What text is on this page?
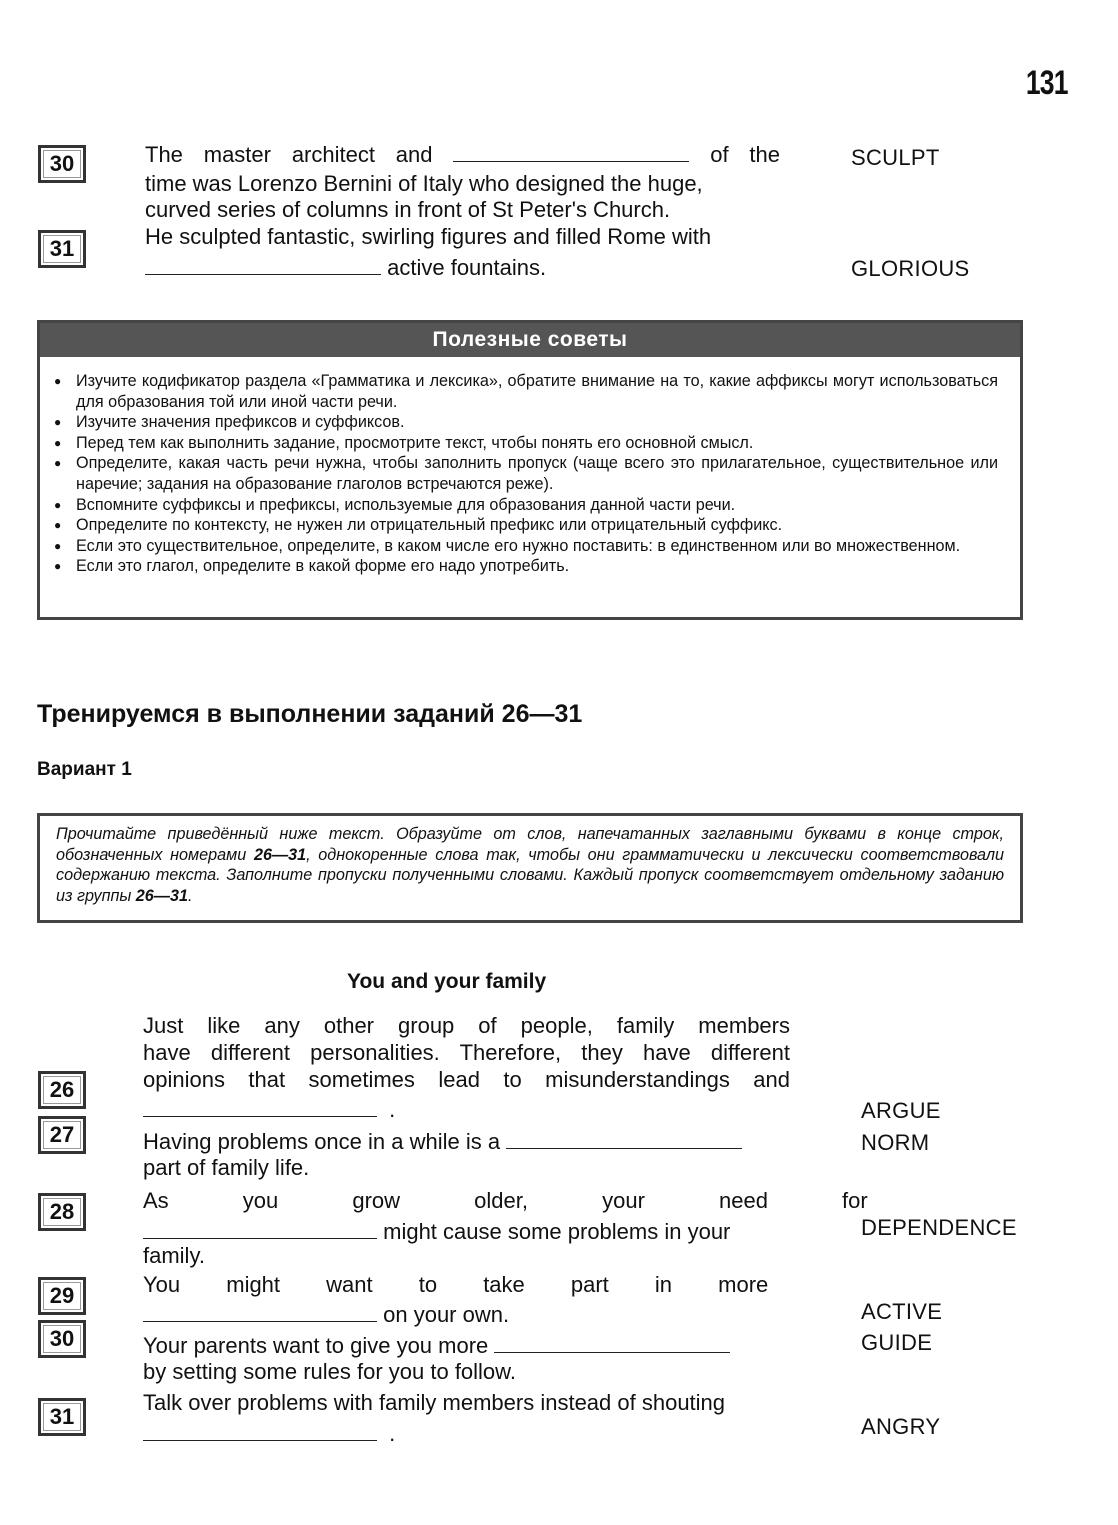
131
30
31
The master architect and	of the
time was Lorenzo Bernini of Italy who designed the huge,
curved series of columns in front of St Peter's Church.
He sculpted fantastic, swirling figures and filled Rome with
active fountains.
SCULPT
GLORIOUS
Полезные советы
● Изучите кодификатор раздела «Грамматика и лексика», обратите внимание на то, какие аффиксы могут использоваться для образования той или иной части речи.
● Изучите значения префиксов и суффиксов.
● Перед тем как выполнить задание, просмотрите текст, чтобы понять его основной смысл.
● Определите, какая часть речи нужна, чтобы заполнить пропуск (чаще всего это прилагательное, существительное или наречие; задания на образование глаголов встречаются реже).
● Вспомните суффиксы и префиксы, используемые для образования данной части речи.
● Определите по контексту, не нужен ли отрицательный префикс или отрицательный суффикс.
● Если это существительное, определите, в каком числе его нужно поставить: в единственном или во множественном.
● Если это глагол, определите в какой форме его надо употребить.
Тренируемся в выполнении заданий 26—31
Вариант 1

Прочитайте приведённый ниже текст. Образуйте от слов, напечатанных заглавными буквами в конце строк, обозначенных номерами 26—31, однокоренные слова так, чтобы они грамматически и лексически соответствовали содержанию текста. Заполните пропуски полученными словами. Каждый пропуск соответствует отдельному заданию из группы 26—31.

You and your family
26
27
28
29
30
31
Just like any other group of people, family members
have different personalities. Therefore, they have different
opinions that sometimes lead to misunderstandings and
.
Having problems once in a while is a
part of family life.
As you grow older, your need for
might cause some problems in your
family.
You might want to take part in more
on your own.
Your parents want to give you more
by setting some rules for you to follow.
Talk over problems with family members instead of shouting
.
ARGUE
NORM
DEPENDENCE
ACTIVE
GUIDE
ANGRY
